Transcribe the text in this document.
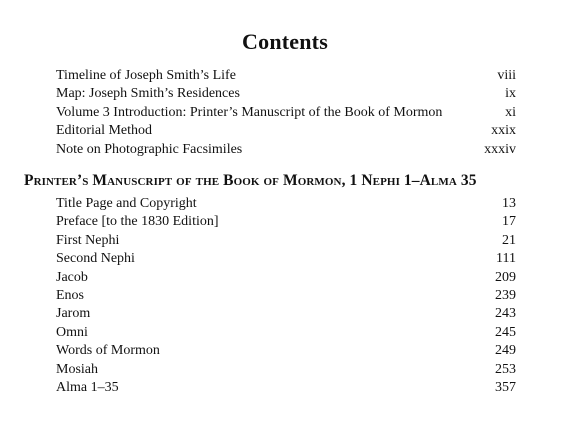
Contents
Timeline of Joseph Smith’s Life	viii
Map: Joseph Smith’s Residences	ix
Volume 3 Introduction: Printer’s Manuscript of the Book of Mormon	xi
Editorial Method	xxix
Note on Photographic Facsimiles	xxxiv
Printer’s Manuscript of the Book of Mormon, 1 Nephi 1–Alma 35
Title Page and Copyright	13
Preface [to the 1830 Edition]	17
First Nephi	21
Second Nephi	111
Jacob	209
Enos	239
Jarom	243
Omni	245
Words of Mormon	249
Mosiah	253
Alma 1–35	357
